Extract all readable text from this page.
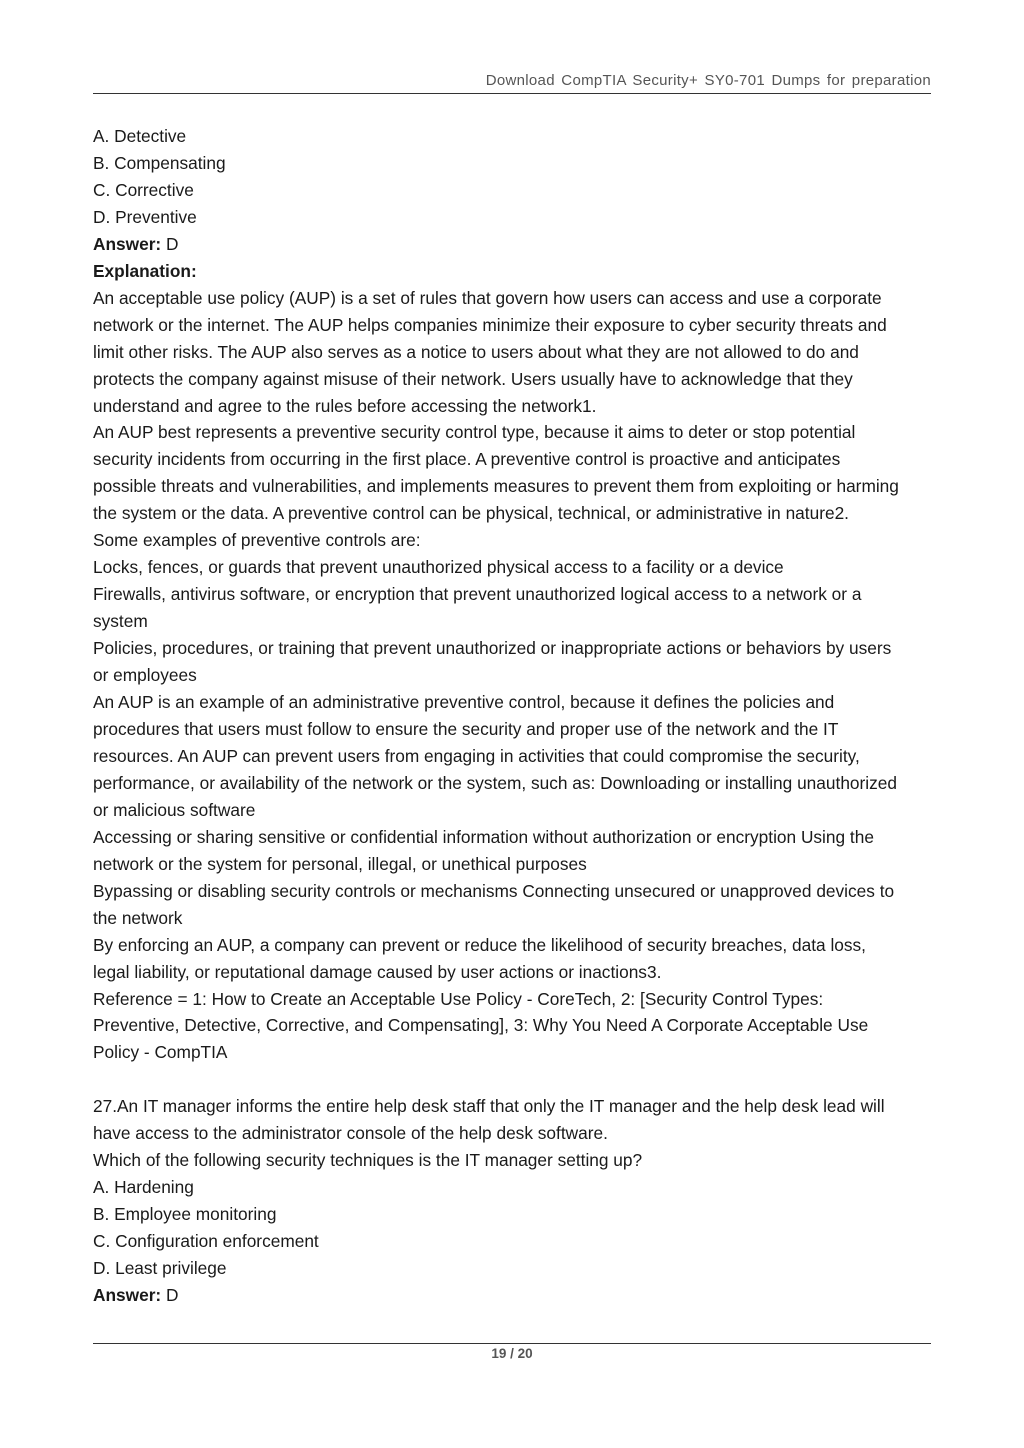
Download CompTIA Security+ SY0-701 Dumps for preparation

A. Detective

B. Compensating

C. Corrective

D. Preventive

Answer: D

Explanation:

An acceptable use policy (AUP) is a set of rules that govern how users can access and use a corporate

network or the internet. The AUP helps companies minimize their exposure to cyber security threats and

limit other risks. The AUP also serves as a notice to users about what they are not allowed to do and

protects the company against misuse of their network. Users usually have to acknowledge that they

understand and agree to the rules before accessing the network1.

An AUP best represents a preventive security control type, because it aims to deter or stop potential

security incidents from occurring in the first place. A preventive control is proactive and anticipates

possible threats and vulnerabilities, and implements measures to prevent them from exploiting or harming

the system or the data. A preventive control can be physical, technical, or administrative in nature2.

Some examples of preventive controls are:

Locks, fences, or guards that prevent unauthorized physical access to a facility or a device

Firewalls, antivirus software, or encryption that prevent unauthorized logical access to a network or a

system

Policies, procedures, or training that prevent unauthorized or inappropriate actions or behaviors by users

or employees

An AUP is an example of an administrative preventive control, because it defines the policies and

procedures that users must follow to ensure the security and proper use of the network and the IT

resources. An AUP can prevent users from engaging in activities that could compromise the security,

performance, or availability of the network or the system, such as: Downloading or installing unauthorized

or malicious software

Accessing or sharing sensitive or confidential information without authorization or encryption Using the

network or the system for personal, illegal, or unethical purposes

Bypassing or disabling security controls or mechanisms Connecting unsecured or unapproved devices to

the network

By enforcing an AUP, a company can prevent or reduce the likelihood of security breaches, data loss,

legal liability, or reputational damage caused by user actions or inactions3.

Reference = 1: How to Create an Acceptable Use Policy - CoreTech, 2: [Security Control Types:

Preventive, Detective, Corrective, and Compensating], 3: Why You Need A Corporate Acceptable Use

Policy - CompTIA

27.An IT manager informs the entire help desk staff that only the IT manager and the help desk lead will

have access to the administrator console of the help desk software.

Which of the following security techniques is the IT manager setting up?

A. Hardening

B. Employee monitoring

C. Configuration enforcement

D. Least privilege

Answer: D

19 / 20
